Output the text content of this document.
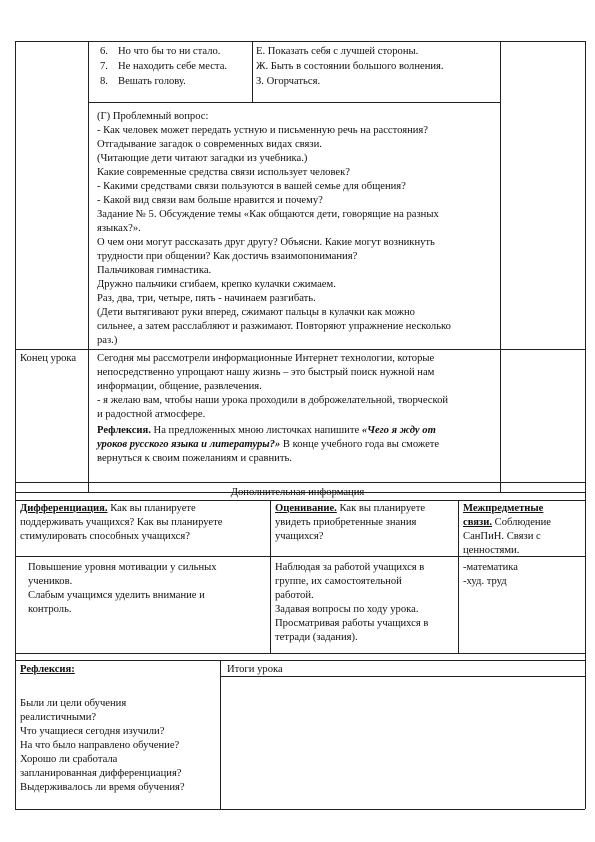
6. Но что бы то ни стало.
7. Не находить себе места.
8. Вешать голову.
Е. Показать себя с лучшей стороны.
Ж. Быть в состоянии большого волнения.
З. Огорчаться.
(Г) Проблемный вопрос:
- Как человек может передать устную и письменную речь на расстояния?
Отгадывание загадок о современных видах связи.
(Читающие дети читают загадки из учебника.)
Какие современные средства связи использует человек?
- Какими средствами связи пользуются в вашей семье для общения?
- Какой вид связи вам больше нравится и почему?
Задание № 5. Обсуждение темы «Как общаются дети, говорящие на разных
языках?».
О чем они могут рассказать друг другу? Объясни. Какие могут возникнуть
трудности при общении? Как достичь взаимопонимания?
Пальчиковая гимнастика.
Дружно пальчики сгибаем, крепко кулачки сжимаем.
Раз, два, три, четыре, пять - начинаем разгибать.
(Дети вытягивают руки вперед, сжимают пальцы в кулачки как можно
сильнее, а затем расслабляют и разжимают. Повторяют упражнение несколько
раз.)
Конец урока Сегодня мы рассмотрели информационные Интернет технологии, которые
непосредственно упрощают нашу жизнь – это быстрый поиск нужной нам
информации, общение, развлечения.
- я желаю вам, чтобы наши урока проходили в доброжелательной, творческой
и радостной атмосфере.
Рефлексия. На предложенных мною листочках напишите «Чего я жду от
уроков русского языка и литературы?» В конце учебного года вы сможете
вернуться к своим пожеланиям и сравнить.
Дополнительная информация
Дифференциация. Как вы планируете
поддерживать учащихся? Как вы планируете
стимулировать способных учащихся?
Оценивание. Как вы планируете
увидеть приобретенные знания
учащихся?
Межпредметные
связи. Соблюдение
СанПиН. Связи с
ценностями.
Повышение уровня мотивации у сильных
учеников.
Слабым учащимся уделить внимание и
контроль.
Наблюдая за работой учащихся в
группе, их самостоятельной
работой.
Задавая вопросы по ходу урока.
Просматривая работы учащихся в
тетради (задания).
-математика
-худ. труд
Рефлексия:	Итоги урока
Были ли цели обучения
реалистичными?
Что учащиеся сегодня изучили?
На что было направлено обучение?
Хорошо ли сработала
запланированная дифференциация?
Выдерживалось ли время обучения?
